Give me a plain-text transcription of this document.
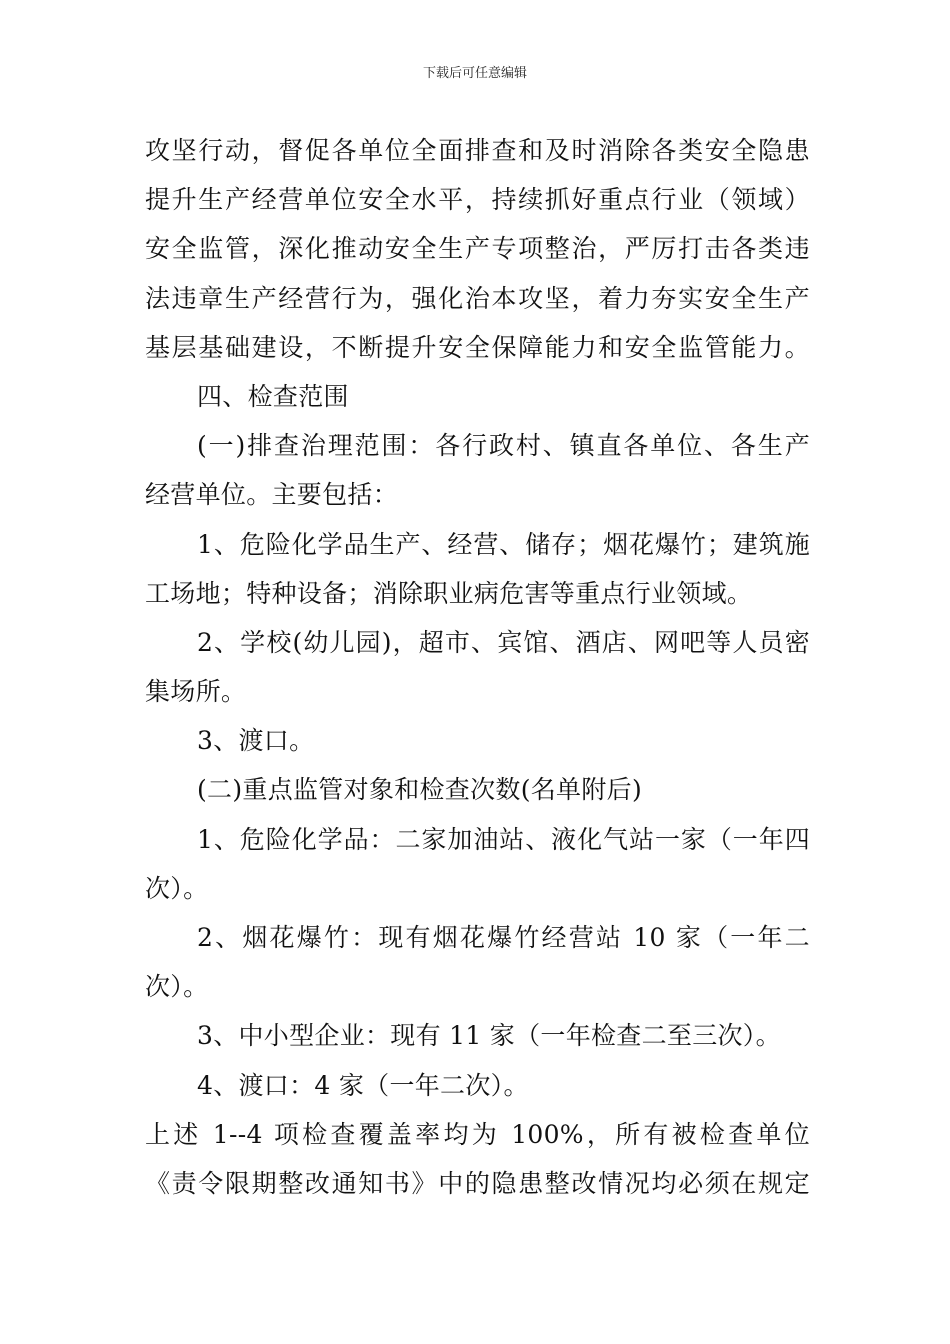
下载后可任意编辑
攻坚行动，督促各单位全面排查和及时消除各类安全隐患
提升生产经营单位安全水平，持续抓好重点行业（领域）
安全监管，深化推动安全生产专项整治，严厉打击各类违
法违章生产经营行为，强化治本攻坚，着力夯实安全生产
基层基础建设，不断提升安全保障能力和安全监管能力。
四、检查范围
(一)排查治理范围：各行政村、镇直各单位、各生产
经营单位。主要包括：
1、危险化学品生产、经营、储存；烟花爆竹；建筑施
工场地；特种设备；消除职业病危害等重点行业领域。
2、学校(幼儿园)，超市、宾馆、酒店、网吧等人员密
集场所。
3、渡口。
(二)重点监管对象和检查次数(名单附后)
1、危险化学品：二家加油站、液化气站一家（一年四
次）。
2、烟花爆竹：现有烟花爆竹经营站 10 家（一年二
次）。
3、中小型企业：现有 11 家（一年检查二至三次）。
4、渡口：4 家（一年二次）。
上述 1--4 项检查覆盖率均为 100%，所有被检查单位
《责令限期整改通知书》中的隐患整改情况均必须在规定
